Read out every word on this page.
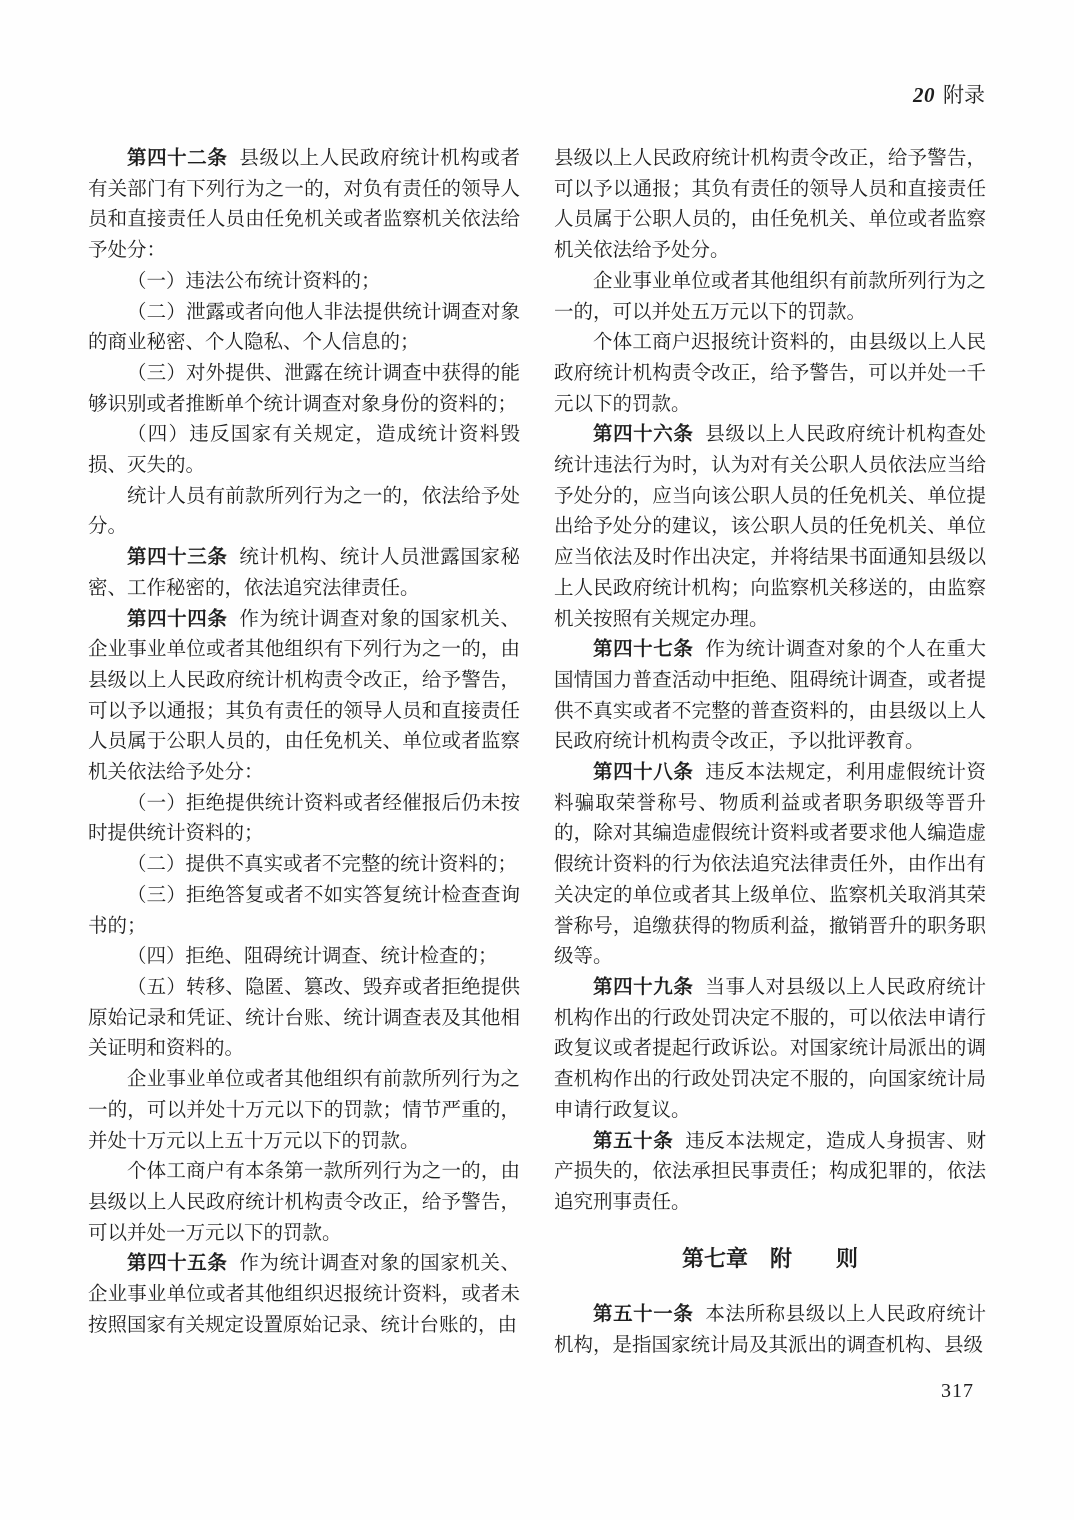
20 附录

第四十二条 县级以上人民政府统计机构或者有关部门有下列行为之一的，对负有责任的领导人员和直接责任人员由任免机关或者监察机关依法给予处分：

（一）违法公布统计资料的；

（二）泄露或者向他人非法提供统计调查对象的商业秘密、个人隐私、个人信息的；

（三）对外提供、泄露在统计调查中获得的能够识别或者推断单个统计调查对象身份的资料的；

（四）违反国家有关规定，造成统计资料毁损、灭失的。

统计人员有前款所列行为之一的，依法给予处分。

第四十三条 统计机构、统计人员泄露国家秘密、工作秘密的，依法追究法律责任。

第四十四条 作为统计调查对象的国家机关、企业事业单位或者其他组织有下列行为之一的，由县级以上人民政府统计机构责令改正，给予警告，可以予以通报；其负有责任的领导人员和直接责任人员属于公职人员的，由任免机关、单位或者监察机关依法给予处分：

（一）拒绝提供统计资料或者经催报后仍未按时提供统计资料的；

（二）提供不真实或者不完整的统计资料的；

（三）拒绝答复或者不如实答复统计检查查询书的；

（四）拒绝、阻碍统计调查、统计检查的；

（五）转移、隐匿、篡改、毁弃或者拒绝提供原始记录和凭证、统计台账、统计调查表及其他相关证明和资料的。

企业事业单位或者其他组织有前款所列行为之一的，可以并处十万元以下的罚款；情节严重的，并处十万元以上五十万元以下的罚款。

个体工商户有本条第一款所列行为之一的，由县级以上人民政府统计机构责令改正，给予警告，可以并处一万元以下的罚款。

第四十五条 作为统计调查对象的国家机关、企业事业单位或者其他组织迟报统计资料，或者未按照国家有关规定设置原始记录、统计台账的，由

县级以上人民政府统计机构责令改正，给予警告，可以予以通报；其负有责任的领导人员和直接责任人员属于公职人员的，由任免机关、单位或者监察机关依法给予处分。

企业事业单位或者其他组织有前款所列行为之一的，可以并处五万元以下的罚款。

个体工商户迟报统计资料的，由县级以上人民政府统计机构责令改正，给予警告，可以并处一千元以下的罚款。

第四十六条 县级以上人民政府统计机构查处统计违法行为时，认为对有关公职人员依法应当给予处分的，应当向该公职人员的任免机关、单位提出给予处分的建议，该公职人员的任免机关、单位应当依法及时作出决定，并将结果书面通知县级以上人民政府统计机构；向监察机关移送的，由监察机关按照有关规定办理。

第四十七条 作为统计调查对象的个人在重大国情国力普查活动中拒绝、阻碍统计调查，或者提供不真实或者不完整的普查资料的，由县级以上人民政府统计机构责令改正，予以批评教育。

第四十八条 违反本法规定，利用虚假统计资料骗取荣誉称号、物质利益或者职务职级等晋升的，除对其编造虚假统计资料或者要求他人编造虚假统计资料的行为依法追究法律责任外，由作出有关决定的单位或者其上级单位、监察机关取消其荣誉称号，追缴获得的物质利益，撤销晋升的职务职级等。

第四十九条 当事人对县级以上人民政府统计机构作出的行政处罚决定不服的，可以依法申请行政复议或者提起行政诉讼。对国家统计局派出的调查机构作出的行政处罚决定不服的，向国家统计局申请行政复议。

第五十条 违反本法规定，造成人身损害、财产损失的，依法承担民事责任；构成犯罪的，依法追究刑事责任。

第七章　附　　则

第五十一条 本法所称县级以上人民政府统计机构，是指国家统计局及其派出的调查机构、县级

317
